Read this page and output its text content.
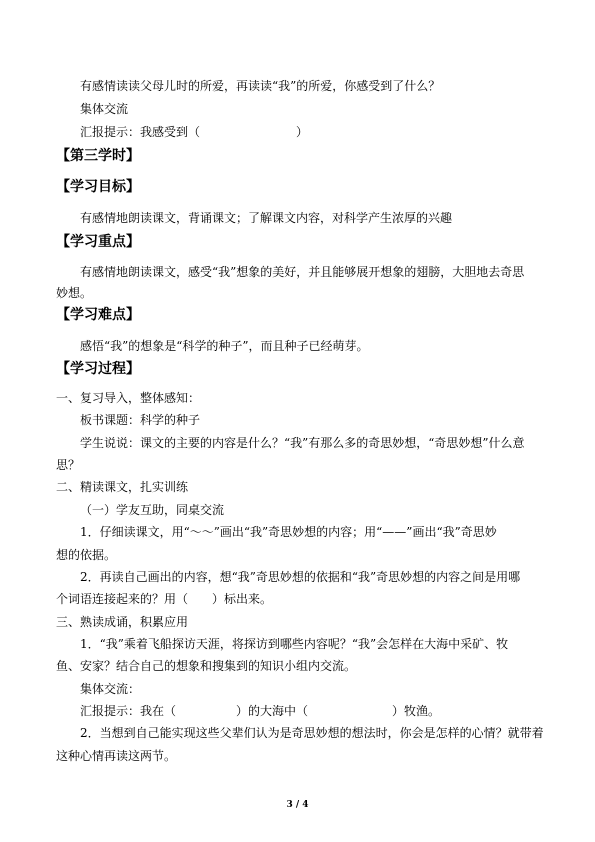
有感情读读父母儿时的所爱，再读读“我”的所爱，你感受到了什么？
集体交流
汇报提示：我感受到（　　　　　　　　）
【第三学时】
【学习目标】
有感情地朗读课文，背诵课文；了解课文内容，对科学产生浓厚的兴趣
【学习重点】
有感情地朗读课文，感受“我”想象的美好，并且能够展开想象的翅膀，大胆地去奇思
妙想。
【学习难点】
感悟“我”的想象是“科学的种子”，而且种子已经萌芽。
【学习过程】
一、复习导入，整体感知：
板书课题：科学的种子
学生说说：课文的主要的内容是什么？“我”有那么多的奇思妙想，“奇思妙想”什么意
思？
二、精读课文，扎实训练
（一）学友互助，同桌交流
1．仔细读课文，用“～～”画出“我”奇思妙想的内容；用“——”画出“我”奇思妙
想的依据。
2．再读自己画出的内容，想“我”奇思妙想的依据和“我”奇思妙想的内容之间是用哪
个词语连接起来的？用（　　）标出来。
三、熟读成诵，积累应用
1．“我”乘着飞船探访天涯，将探访到哪些内容呢？“我”会怎样在大海中采矿、牧
鱼、安家？结合自己的想象和搜集到的知识小组内交流。
集体交流：
汇报提示：我在（　　　　　）的大海中（　　　　　　　）牧渔。
2．当想到自己能实现这些父辈们认为是奇思妙想的想法时，你会是怎样的心情？就带着
这种心情再读这两节。
3 / 4
